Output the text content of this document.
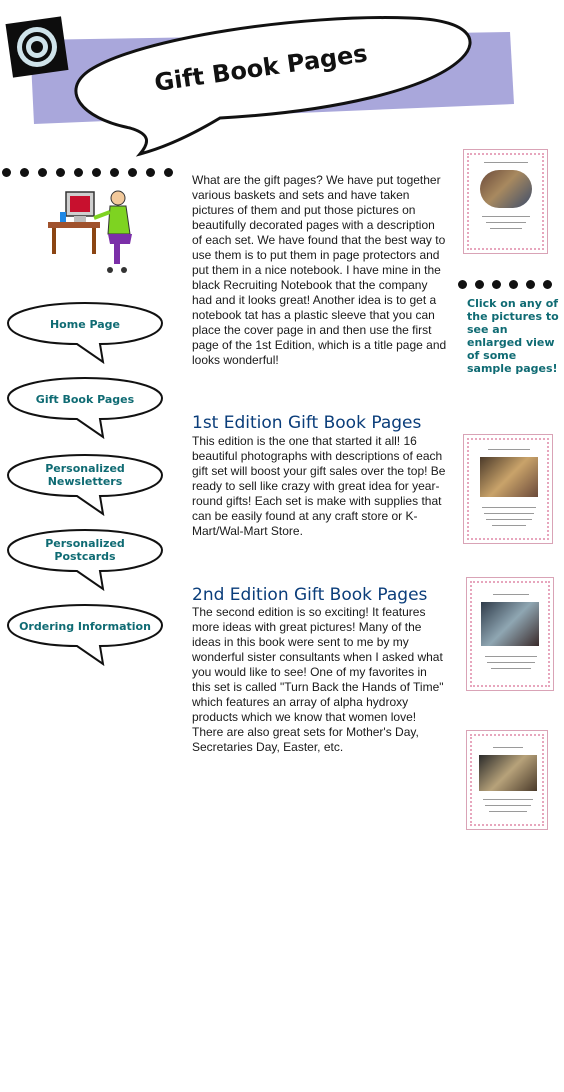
Gift Book Pages
Home Page
Gift Book Pages
Personalized Newsletters
Personalized Postcards
Ordering Information

What are the gift pages? We have put together various baskets and sets and have taken pictures of them and put those pictures on beautifully decorated pages with a description of each set. We have found that the best way to use them is to put them in page protectors and put them in a nice notebook. I have mine in the black Recruiting Notebook that the company had and it looks great! Another idea is to get a notebook tat has a plastic sleeve that you can place the cover page in and then use the first page of the 1st Edition, which is a title page and looks wonderful!

1st Edition Gift Book Pages

This edition is the one that started it all! 16 beautiful photographs with descriptions of each gift set will boost your gift sales over the top! Be ready to sell like crazy with great idea for year-round gifts! Each set is make with supplies that can be easily found at any craft store or K-Mart/Wal-Mart Store.

2nd Edition Gift Book Pages

The second edition is so exciting! It features more ideas with great pictures! Many of the ideas in this book were sent to me by my wonderful sister consultants when I asked what you would like to see! One of my favorites in this set is called "Turn Back the Hands of Time" which features an array of alpha hydroxy products which we know that women love! There are also great sets for Mother's Day, Secretaries Day, Easter, etc.

Click on any of the pictures to see an enlarged view of some sample pages!
